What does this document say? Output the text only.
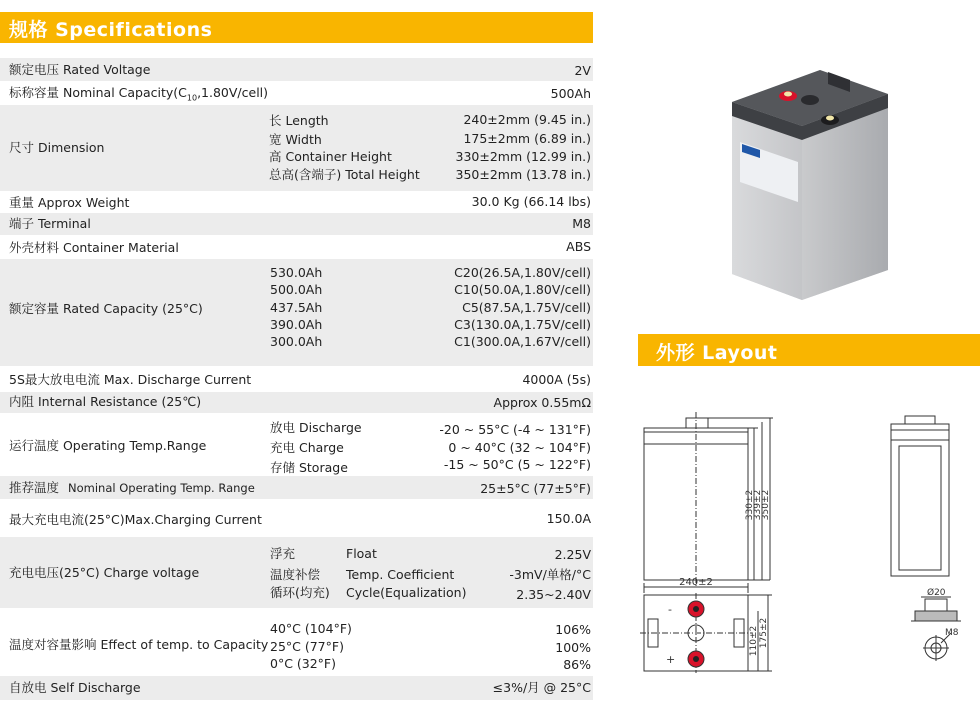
规格 Specifications
外形 Layout
额定电压 Rated Voltage	2V
标称容量 Nominal $Capacity(C_{10},1.80V/cell)$	500Ah
尺寸 Dimension
长 Length	240±2mm (9.45 in.)
宽 Width	175±2mm (6.89 in.)
高 Container Height	330±2mm (12.99 in.)
总高(含端子) Total Height	350±2mm (13.78 in.)
重量 Approx Weight	30.0 Kg (66.14 lbs)
端子 Terminal	M8
外壳材料 Container Material	ABS
额定容量 Rated Capacity (25°C)
530.0Ah	C20(26.5A,1.80V/cell)
500.0Ah	C10(50.0A,1.80V/cell)
437.5Ah	C5(87.5A,1.75V/cell)
390.0Ah	C3(130.0A,1.75V/cell)
300.0Ah	C1(300.0A,1.67V/cell)
5S最大放电电流 Max. Discharge Current	4000A (5s)
内阻 Internal Resistance (25℃)	Approx 0.55mΩ
运行温度 Operating Temp.Range
放电 Discharge	-20 ~ 55°C (-4 ~ 131°F)
充电 Charge	0 ~ 40°C (32 ~ 104°F)
存储 Storage	-15 ~ 50°C (5 ~ 122°F)
推荐温度 Nominal Operating Temp. Range	25±5°C (77±5°F)
最大充电电流(25°C)Max.Charging Current	150.0A
充电电压(25°C) Charge voltage
浮充	Float	2.25V
温度补偿 Temp. Coefficient	-3mV/单格/°C
循环(均充) Cycle(Equalization)	2.35~2.40V
温度对容量影响 Effect of temp. to Capacity
40°C (104°F)	106%
25°C (77°F)	100%
0°C (32°F)	86%
自放电 Self Discharge	≤3%/月 @ 25°C
330±2
339±2
350±2
240±2
-
+
110±2 175±2
Ø20
M8
